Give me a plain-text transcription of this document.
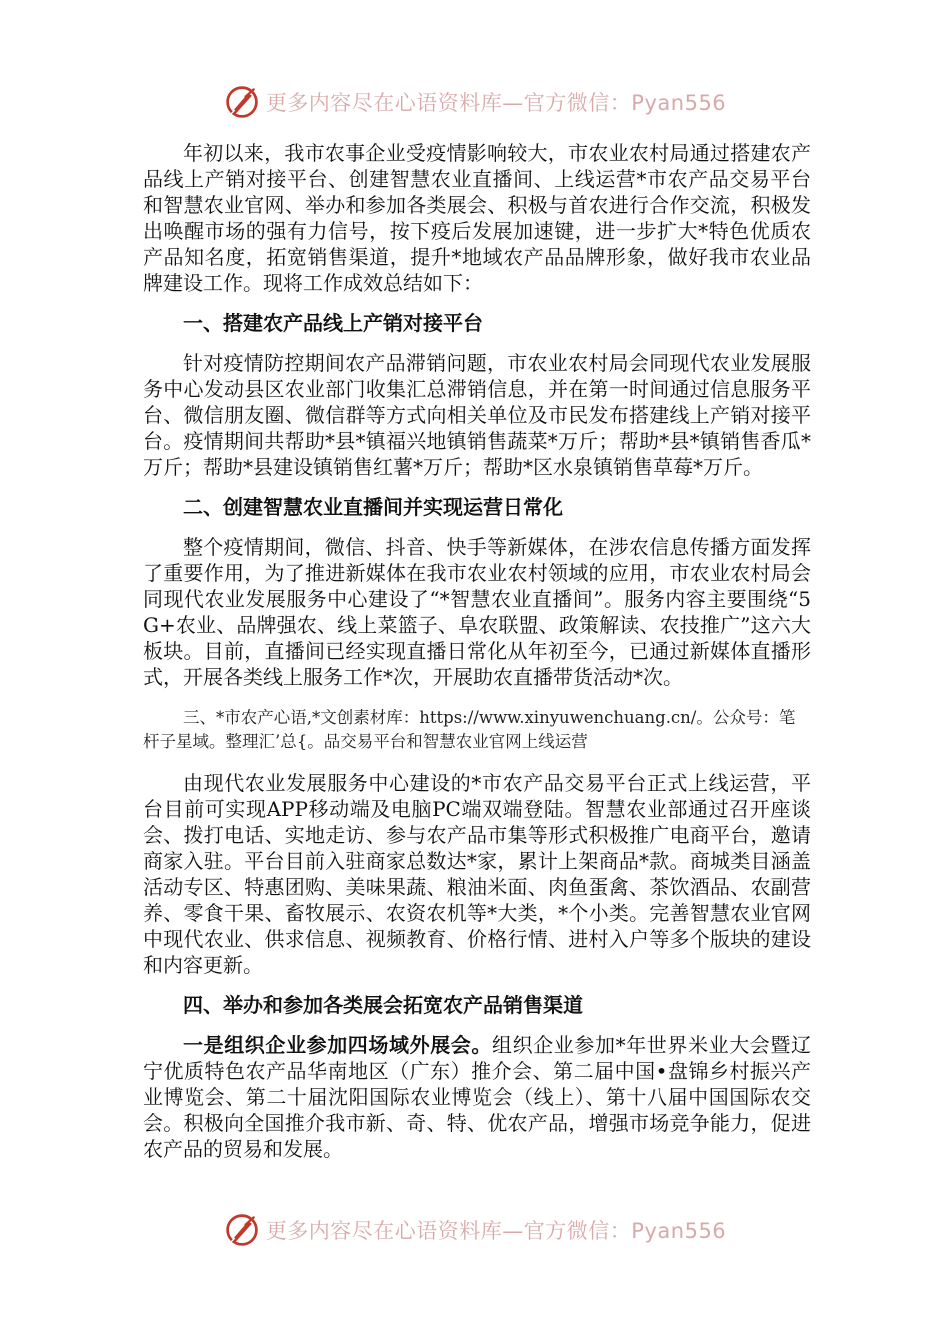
更多内容尽在心语资料库—官方微信：Pyan556

年初以来，我市农事企业受疫情影响较大，市农业农村局通过搭建农产品线上产销对接平台、创建智慧农业直播间、上线运营*市农产品交易平台和智慧农业官网、举办和参加各类展会、积极与首农进行合作交流，积极发出唤醒市场的强有力信号，按下疫后发展加速键，进一步扩大*特色优质农产品知名度，拓宽销售渠道，提升*地域农产品品牌形象，做好我市农业品牌建设工作。现将工作成效总结如下：

一、搭建农产品线上产销对接平台

针对疫情防控期间农产品滞销问题，市农业农村局会同现代农业发展服务中心发动县区农业部门收集汇总滞销信息，并在第一时间通过信息服务平台、微信朋友圈、微信群等方式向相关单位及市民发布搭建线上产销对接平台。疫情期间共帮助*县*镇福兴地镇销售蔬菜*万斤；帮助*县*镇销售香瓜*万斤；帮助*县建设镇销售红薯*万斤；帮助*区水泉镇销售草莓*万斤。

二、创建智慧农业直播间并实现运营日常化

整个疫情期间，微信、抖音、快手等新媒体，在涉农信息传播方面发挥了重要作用，为了推进新媒体在我市农业农村领域的应用，市农业农村局会同现代农业发展服务中心建设了“*智慧农业直播间”。服务内容主要围绕“5G+农业、品牌强农、线上菜篮子、阜农联盟、政策解读、农技推广”这六大板块。目前，直播间已经实现直播日常化从年初至今，已通过新媒体直播形式，开展各类线上服务工作*次，开展助农直播带货活动*次。

三、*市农产心语,*文创素材库：https://www.xinyuwenchuang.cn/。公众号：笔杆子星域。整理汇’总{。品交易平台和智慧农业官网上线运营

由现代农业发展服务中心建设的*市农产品交易平台正式上线运营，平台目前可实现APP移动端及电脑PC端双端登陆。智慧农业部通过召开座谈会、拨打电话、实地走访、参与农产品市集等形式积极推广电商平台，邀请商家入驻。平台目前入驻商家总数达*家，累计上架商品*款。商城类目涵盖活动专区、特惠团购、美味果蔬、粮油米面、肉鱼蛋禽、茶饮酒品、农副营养、零食干果、畜牧展示、农资农机等*大类，*个小类。完善智慧农业官网中现代农业、供求信息、视频教育、价格行情、进村入户等多个版块的建设和内容更新。

四、举办和参加各类展会拓宽农产品销售渠道

一是组织企业参加四场域外展会。组织企业参加*年世界米业大会暨辽宁优质特色农产品华南地区（广东）推介会、第二届中国•盘锦乡村振兴产业博览会、第二十届沈阳国际农业博览会（线上）、第十八届中国国际农交会。积极向全国推介我市新、奇、特、优农产品，增强市场竞争能力，促进农产品的贸易和发展。

更多内容尽在心语资料库—官方微信：Pyan556
